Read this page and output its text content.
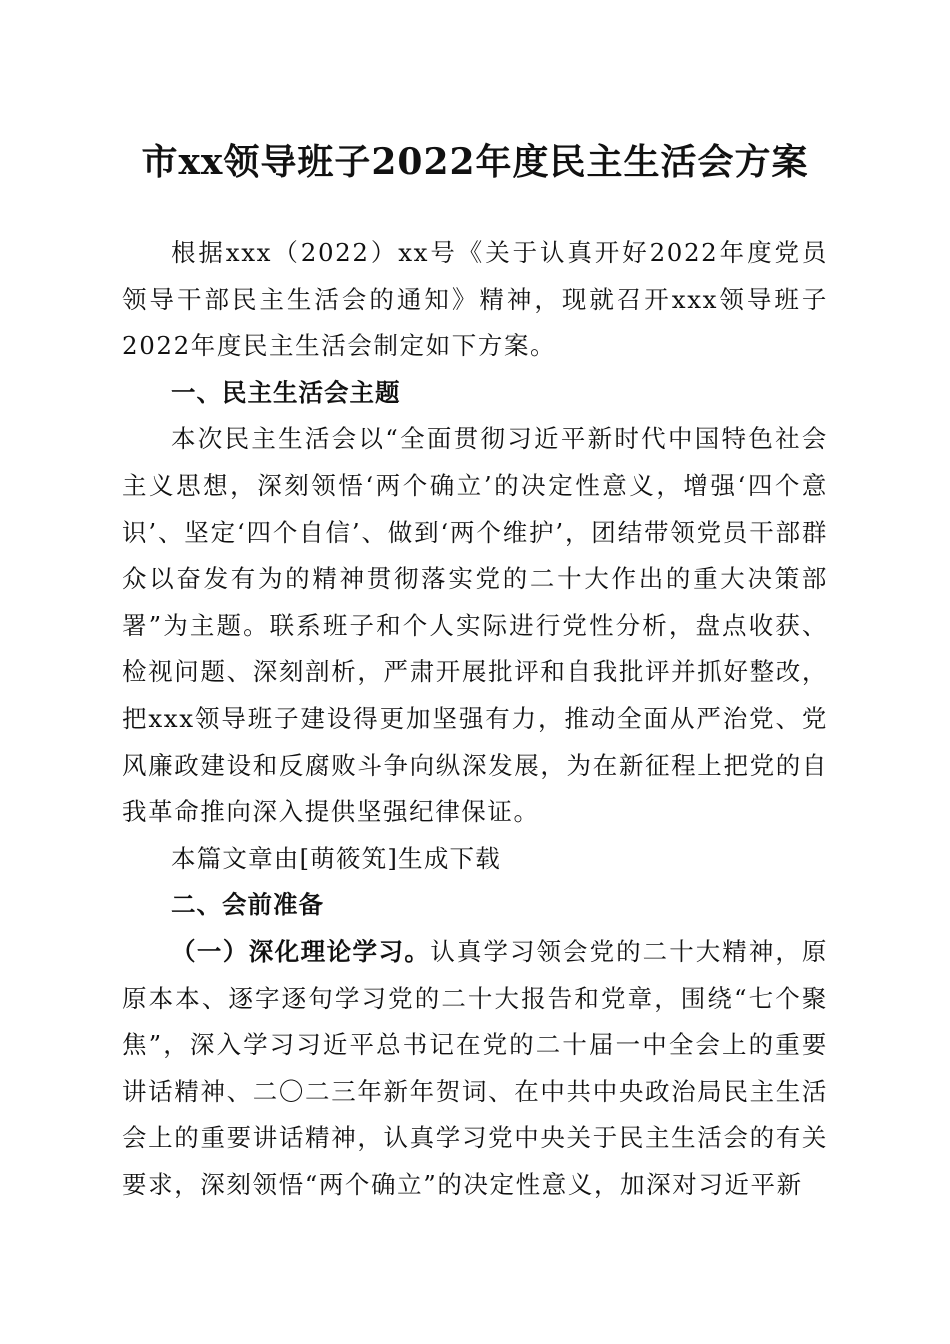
市xx领导班子2022年度民主生活会方案

根据xxx（2022）xx号《关于认真开好2022年度党员领导干部民主生活会的通知》精神，现就召开xxx领导班子2022年度民主生活会制定如下方案。

一、民主生活会主题

本次民主生活会以“全面贯彻习近平新时代中国特色社会主义思想，深刻领悟‘两个确立’的决定性意义，增强‘四个意识’、坚定‘四个自信’、做到‘两个维护’，团结带领党员干部群众以奋发有为的精神贯彻落实党的二十大作出的重大决策部署”为主题。联系班子和个人实际进行党性分析，盘点收获、检视问题、深刻剖析，严肃开展批评和自我批评并抓好整改，把xxx领导班子建设得更加坚强有力，推动全面从严治党、党风廉政建设和反腐败斗争向纵深发展，为在新征程上把党的自我革命推向深入提供坚强纪律保证。

本篇文章由[萌筱笂]生成下载

二、会前准备

（一）深化理论学习。认真学习领会党的二十大精神，原原本本、逐字逐句学习党的二十大报告和党章，围绕“七个聚焦”，深入学习习近平总书记在党的二十届一中全会上的重要讲话精神、二〇二三年新年贺词、在中共中央政治局民主生活会上的重要讲话精神，认真学习党中央关于民主生活会的有关要求，深刻领悟“两个确立”的决定性意义，加深对习近平新
